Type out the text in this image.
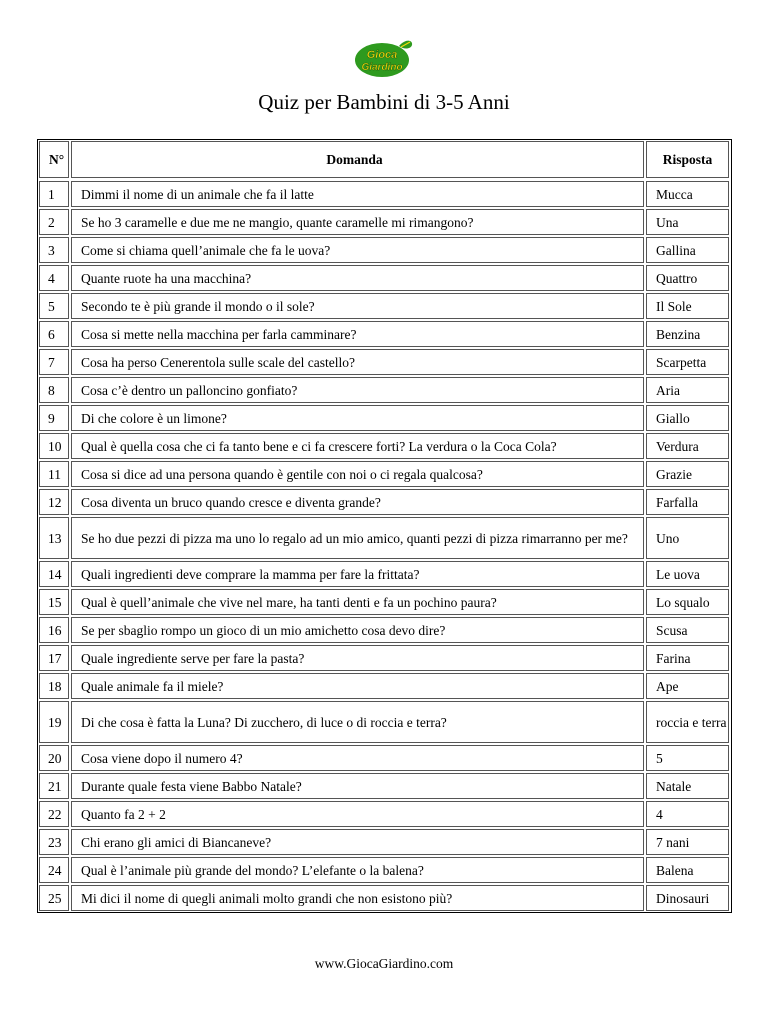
Gioca
Giardino
Quiz per Bambini di 3-5 Anni
N°	Domanda	Risposta
1	Dimmi il nome di un animale che fa il latte	Mucca
2	Se ho 3 caramelle e due me ne mangio, quante caramelle mi rimangono?	Una
3	Come si chiama quell’animale che fa le uova?	Gallina
4	Quante ruote ha una macchina?	Quattro
5	Secondo te è più grande il mondo o il sole?	Il Sole
6	Cosa si mette nella macchina per farla camminare?	Benzina
7	Cosa ha perso Cenerentola sulle scale del castello?	Scarpetta
8	Cosa c’è dentro un palloncino gonfiato?	Aria
9	Di che colore è un limone?	Giallo
10	Qual è quella cosa che ci fa tanto bene e ci fa crescere forti? La verdura o la Coca Cola?	Verdura
11	Cosa si dice ad una persona quando è gentile con noi o ci regala qualcosa?	Grazie
12	Cosa diventa un bruco quando cresce e diventa grande?	Farfalla
13	Se ho due pezzi di pizza ma uno lo regalo ad un mio amico, quanti pezzi di pizza rimarranno per me?	Uno
14	Quali ingredienti deve comprare la mamma per fare la frittata?	Le uova
15	Qual è quell’animale che vive nel mare, ha tanti denti e fa un pochino paura?	Lo squalo
16	Se per sbaglio rompo un gioco di un mio amichetto cosa devo dire?	Scusa
17	Quale ingrediente serve per fare la pasta?	Farina
18	Quale animale fa il miele?	Ape
19	Di che cosa è fatta la Luna? Di zucchero, di luce o di roccia e terra?	roccia e terra
20	Cosa viene dopo il numero 4?	5
21	Durante quale festa viene Babbo Natale?	Natale
22	Quanto fa 2 + 2	4
23	Chi erano gli amici di Biancaneve?	7 nani
24	Qual è l’animale più grande del mondo? L’elefante o la balena?	Balena
25	Mi dici il nome di quegli animali molto grandi che non esistono più?	Dinosauri
www.GiocaGiardino.com
